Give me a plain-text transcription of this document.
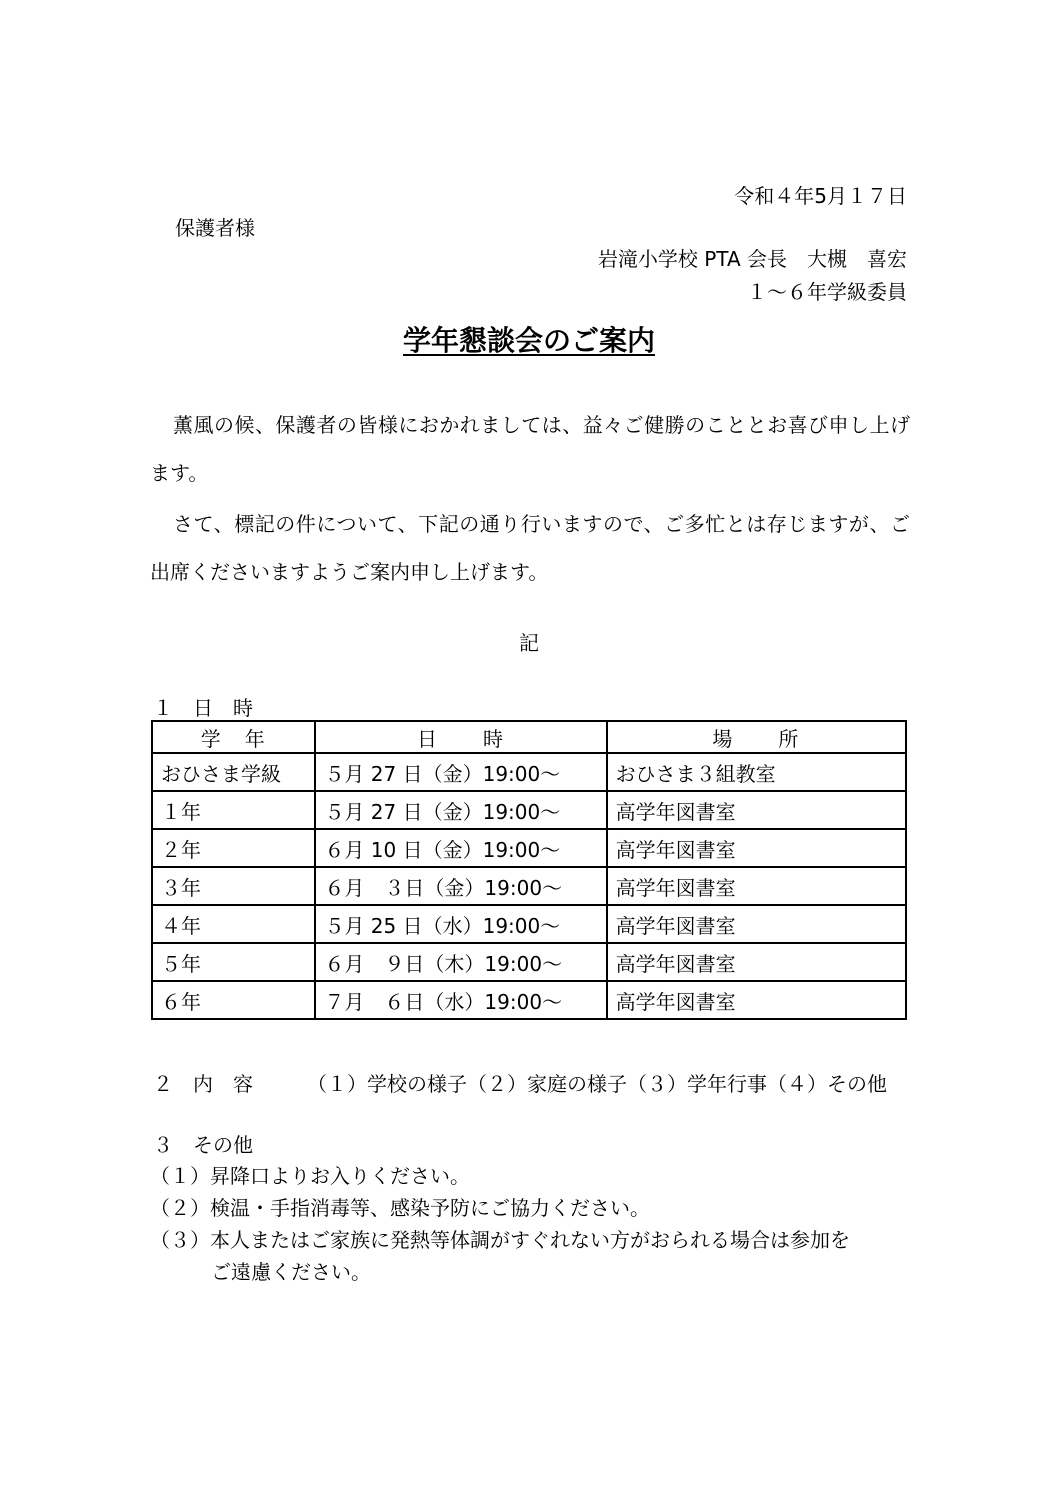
令和４年5月１７日
保護者様
岩滝小学校 PTA 会長　大槻　喜宏
１～６年学級委員
学年懇談会のご案内
薫風の候、保護者の皆様におかれましては、益々ご健勝のこととお喜び申し上げます。
さて、標記の件について、下記の通り行いますので、ご多忙とは存じますが、ご出席くださいますようご案内申し上げます。
記
１　日　時
学　年	日　　時	場　　所
おひさま学級	５月 27 日（金）19:00～	おひさま３組教室
１年	５月 27 日（金）19:00～	高学年図書室
２年	６月 10 日（金）19:00～	高学年図書室
３年	６月　３日（金）19:00～	高学年図書室
４年	５月 25 日（水）19:00～	高学年図書室
５年	６月　９日（木）19:00～	高学年図書室
６年	７月　６日（水）19:00～	高学年図書室
２　内　容	（１）学校の様子（２）家庭の様子（３）学年行事（４）その他
３　その他
（１）昇降口よりお入りください。
（２）検温・手指消毒等、感染予防にご協力ください。
（３）本人またはご家族に発熱等体調がすぐれない方がおられる場合は参加を
ご遠慮ください。
